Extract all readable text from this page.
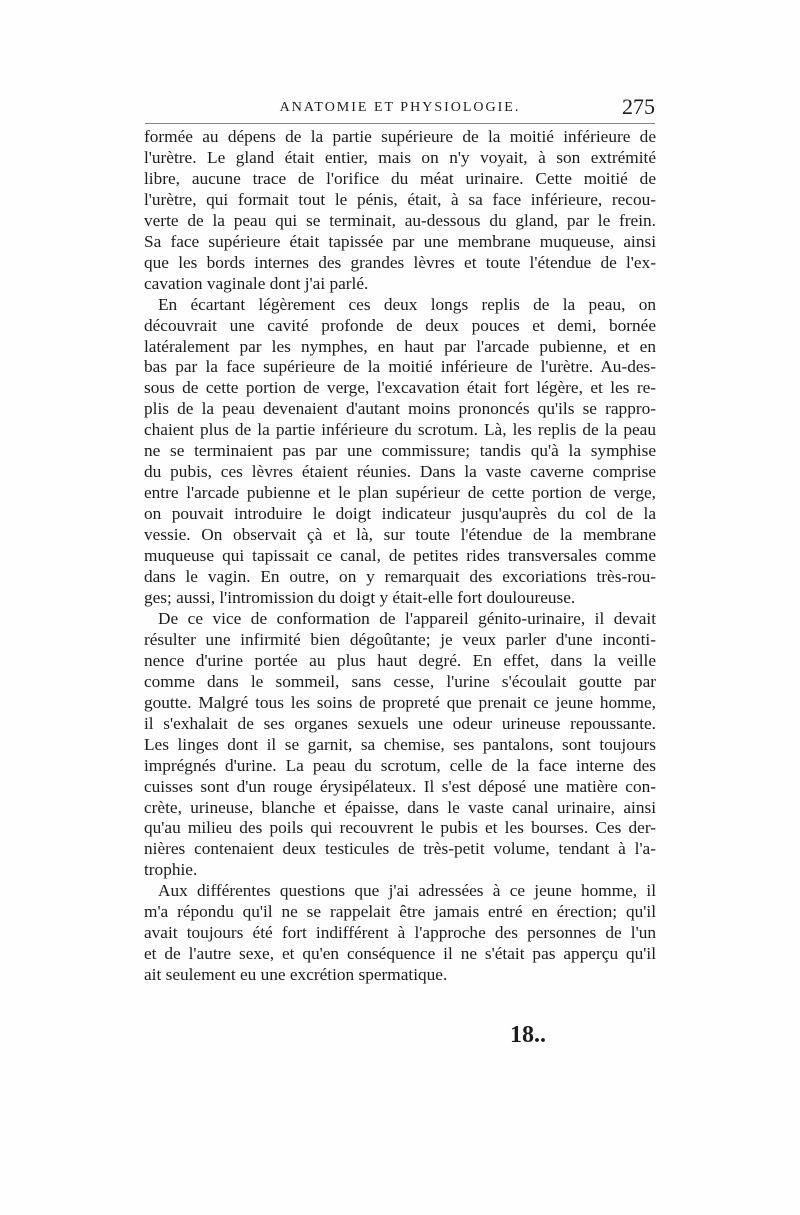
ANATOMIE ET PHYSIOLOGIE.	275

formée au dépens de la partie supérieure de la moitié inférieure de

l'urètre. Le gland était entier, mais on n'y voyait, à son extrémité

libre, aucune trace de l'orifice du méat urinaire. Cette moitié de

l'urètre, qui formait tout le pénis, était, à sa face inférieure, recou-

verte de la peau qui se terminait, au-dessous du gland, par le frein.

Sa face supérieure était tapissée par une membrane muqueuse, ainsi

que les bords internes des grandes lèvres et toute l'étendue de l'ex-

cavation vaginale dont j'ai parlé.

En écartant légèrement ces deux longs replis de la peau, on

découvrait une cavité profonde de deux pouces et demi, bornée

latéralement par les nymphes, en haut par l'arcade pubienne, et en

bas par la face supérieure de la moitié inférieure de l'urètre. Au-des-

sous de cette portion de verge, l'excavation était fort légère, et les re-

plis de la peau devenaient d'autant moins prononcés qu'ils se rappro-

chaient plus de la partie inférieure du scrotum. Là, les replis de la peau

ne se terminaient pas par une commissure; tandis qu'à la symphise

du pubis, ces lèvres étaient réunies. Dans la vaste caverne comprise

entre l'arcade pubienne et le plan supérieur de cette portion de verge,

on pouvait introduire le doigt indicateur jusqu'auprès du col de la

vessie. On observait çà et là, sur toute l'étendue de la membrane

muqueuse qui tapissait ce canal, de petites rides transversales comme

dans le vagin. En outre, on y remarquait des excoriations très-rou-

ges; aussi, l'intromission du doigt y était-elle fort douloureuse.

De ce vice de conformation de l'appareil génito-urinaire, il devait

résulter une infirmité bien dégoûtante; je veux parler d'une inconti-

nence d'urine portée au plus haut degré. En effet, dans la veille

comme dans le sommeil, sans cesse, l'urine s'écoulait goutte par

goutte. Malgré tous les soins de propreté que prenait ce jeune homme,

il s'exhalait de ses organes sexuels une odeur urineuse repoussante.

Les linges dont il se garnit, sa chemise, ses pantalons, sont toujours

imprégnés d'urine. La peau du scrotum, celle de la face interne des

cuisses sont d'un rouge érysipélateux. Il s'est déposé une matière con-

crète, urineuse, blanche et épaisse, dans le vaste canal urinaire, ainsi

qu'au milieu des poils qui recouvrent le pubis et les bourses. Ces der-

nières contenaient deux testicules de très-petit volume, tendant à l'a-

trophie.

Aux différentes questions que j'ai adressées à ce jeune homme, il

m'a répondu qu'il ne se rappelait être jamais entré en érection; qu'il

avait toujours été fort indifférent à l'approche des personnes de l'un

et de l'autre sexe, et qu'en conséquence il ne s'était pas apperçu qu'il

ait seulement eu une excrétion spermatique.

18..
